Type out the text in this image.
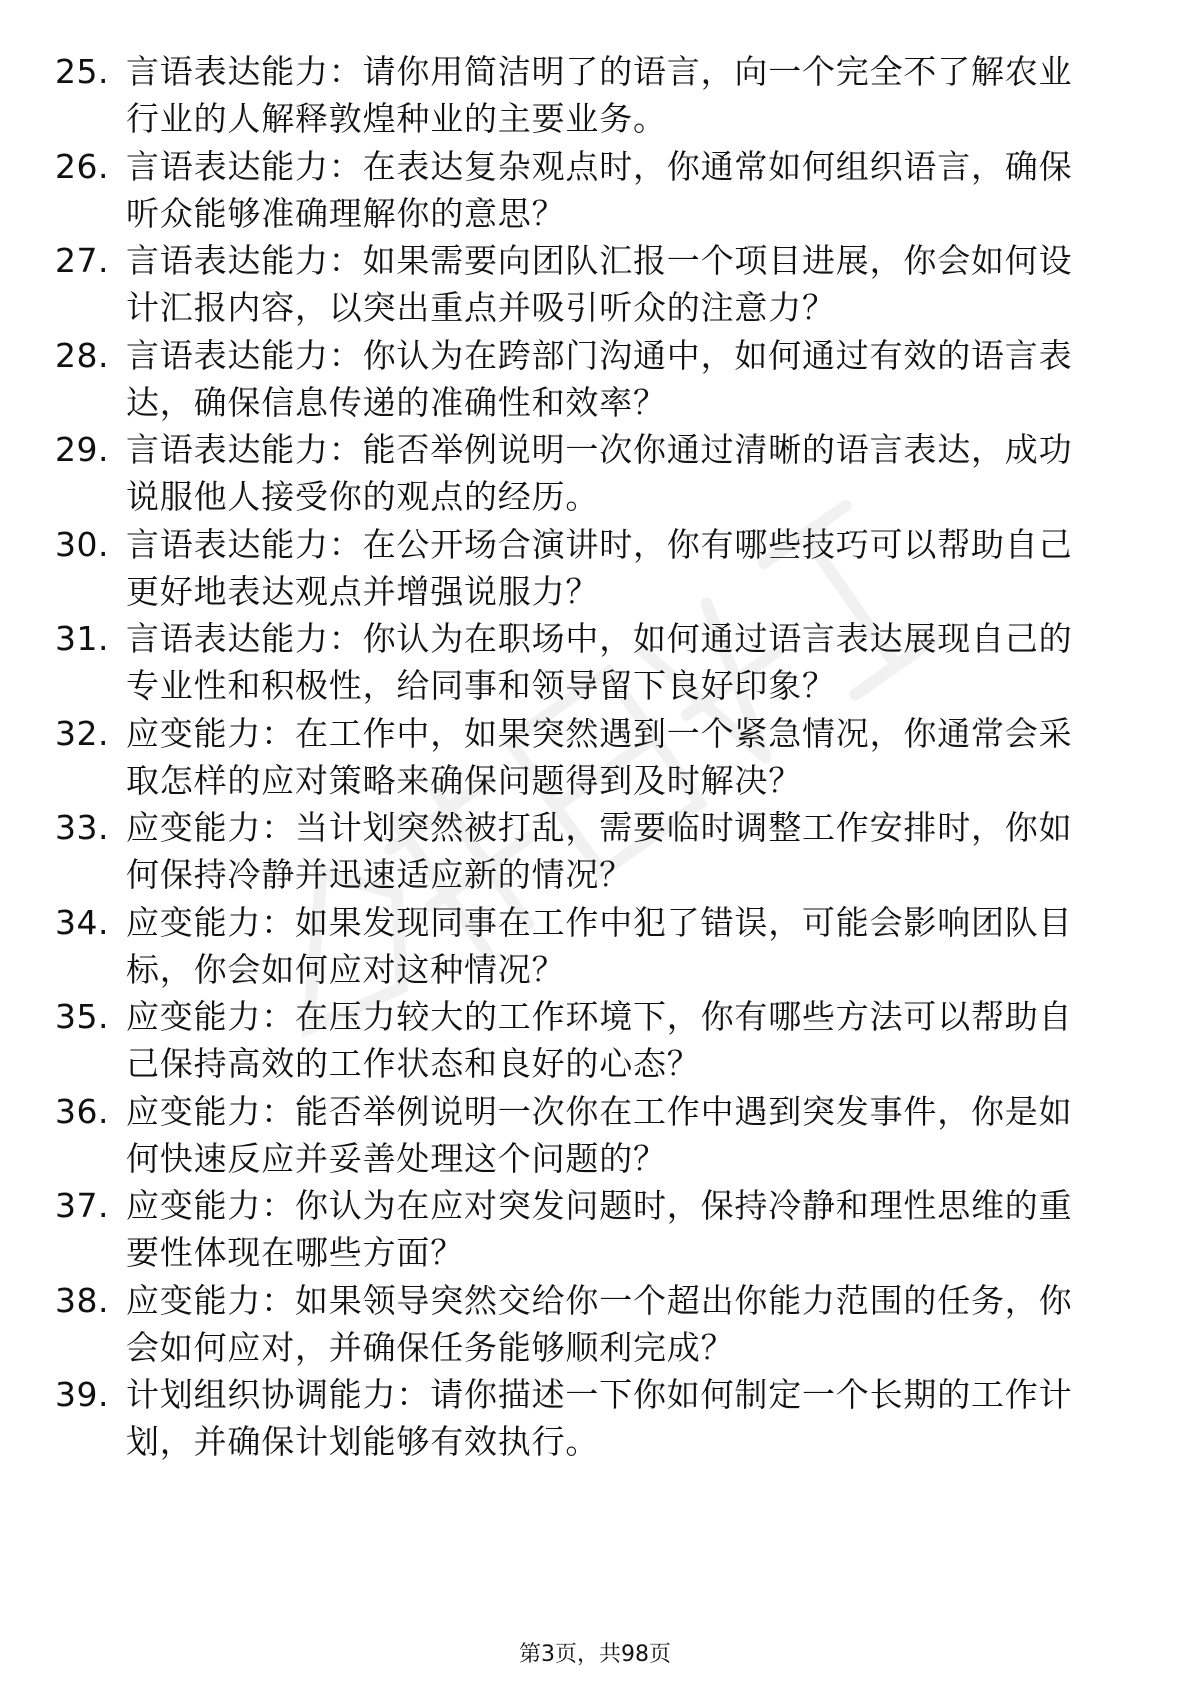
25. 言语表达能力：请你用简洁明了的语言，向一个完全不了解农业行业的人解释敦煌种业的主要业务。
26. 言语表达能力：在表达复杂观点时，你通常如何组织语言，确保听众能够准确理解你的意思？
27. 言语表达能力：如果需要向团队汇报一个项目进展，你会如何设计汇报内容，以突出重点并吸引听众的注意力？
28. 言语表达能力：你认为在跨部门沟通中，如何通过有效的语言表达，确保信息传递的准确性和效率？
29. 言语表达能力：能否举例说明一次你通过清晰的语言表达，成功说服他人接受你的观点的经历。
30. 言语表达能力：在公开场合演讲时，你有哪些技巧可以帮助自己更好地表达观点并增强说服力？
31. 言语表达能力：你认为在职场中，如何通过语言表达展现自己的专业性和积极性，给同事和领导留下良好印象？
32. 应变能力：在工作中，如果突然遇到一个紧急情况，你通常会采取怎样的应对策略来确保问题得到及时解决？
33. 应变能力：当计划突然被打乱，需要临时调整工作安排时，你如何保持冷静并迅速适应新的情况？
34. 应变能力：如果发现同事在工作中犯了错误，可能会影响团队目标，你会如何应对这种情况？
35. 应变能力：在压力较大的工作环境下，你有哪些方法可以帮助自己保持高效的工作状态和良好的心态？
36. 应变能力：能否举例说明一次你在工作中遇到突发事件，你是如何快速反应并妥善处理这个问题的？
37. 应变能力：你认为在应对突发问题时，保持冷静和理性思维的重要性体现在哪些方面？
38. 应变能力：如果领导突然交给你一个超出你能力范围的任务，你会如何应对，并确保任务能够顺利完成？
39. 计划组织协调能力：请你描述一下你如何制定一个长期的工作计划，并确保计划能够有效执行。
第3页，共98页
